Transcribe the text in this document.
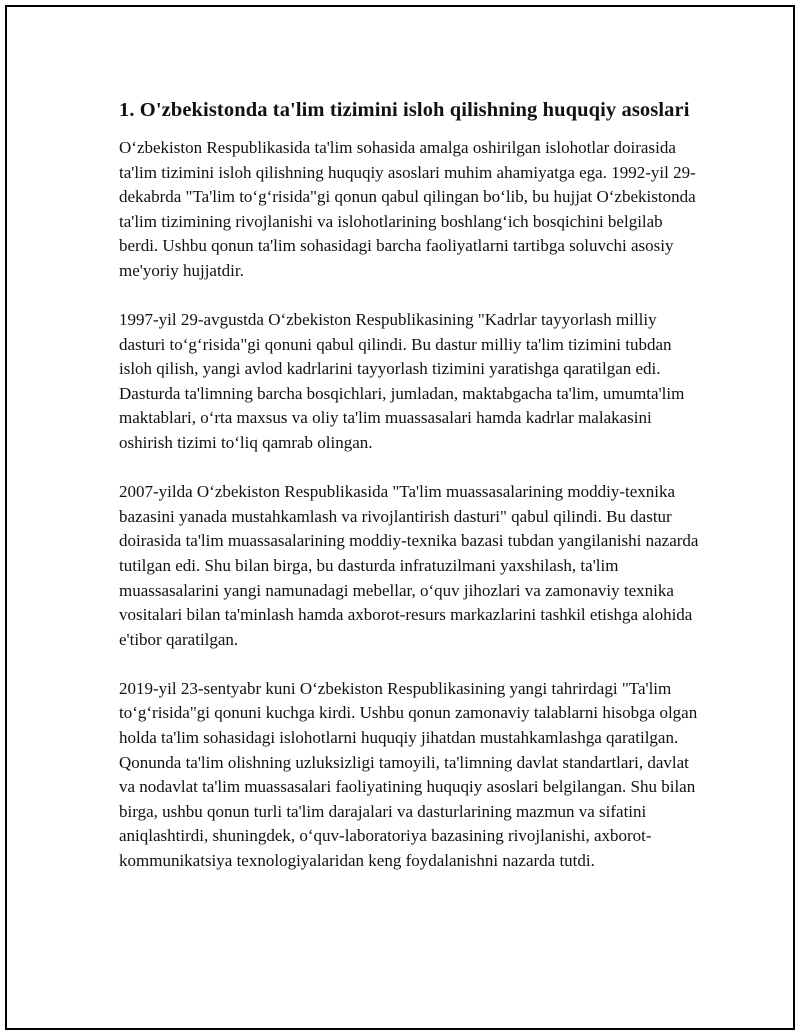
1. O'zbekistonda ta'lim tizimini isloh qilishning huquqiy asoslari

O‘zbekiston Respublikasida ta'lim sohasida amalga oshirilgan islohotlar doirasida ta'lim tizimini isloh qilishning huquqiy asoslari muhim ahamiyatga ega. 1992-yil 29-dekabrda "Ta'lim to‘g‘risida"gi qonun qabul qilingan bo‘lib, bu hujjat O‘zbekistonda ta'lim tizimining rivojlanishi va islohotlarining boshlang‘ich bosqichini belgilab berdi. Ushbu qonun ta'lim sohasidagi barcha faoliyatlarni tartibga soluvchi asosiy me'yoriy hujjatdir.

1997-yil 29-avgustda O‘zbekiston Respublikasining "Kadrlar tayyorlash milliy dasturi to‘g‘risida"gi qonuni qabul qilindi. Bu dastur milliy ta'lim tizimini tubdan isloh qilish, yangi avlod kadrlarini tayyorlash tizimini yaratishga qaratilgan edi. Dasturda ta'limning barcha bosqichlari, jumladan, maktabgacha ta'lim, umumta'lim maktablari, o‘rta maxsus va oliy ta'lim muassasalari hamda kadrlar malakasini oshirish tizimi to‘liq qamrab olingan.

2007-yilda O‘zbekiston Respublikasida "Ta'lim muassasalarining moddiy-texnika bazasini yanada mustahkamlash va rivojlantirish dasturi" qabul qilindi. Bu dastur doirasida ta'lim muassasalarining moddiy-texnika bazasi tubdan yangilanishi nazarda tutilgan edi. Shu bilan birga, bu dasturda infratuzilmani yaxshilash, ta'lim muassasalarini yangi namunadagi mebellar, o‘quv jihozlari va zamonaviy texnika vositalari bilan ta'minlash hamda axborot-resurs markazlarini tashkil etishga alohida e'tibor qaratilgan.

2019-yil 23-sentyabr kuni O‘zbekiston Respublikasining yangi tahrirdagi "Ta'lim to‘g‘risida"gi qonuni kuchga kirdi. Ushbu qonun zamonaviy talablarni hisobga olgan holda ta'lim sohasidagi islohotlarni huquqiy jihatdan mustahkamlashga qaratilgan. Qonunda ta'lim olishning uzluksizligi tamoyili, ta'limning davlat standartlari, davlat va nodavlat ta'lim muassasalari faoliyatining huquqiy asoslari belgilangan. Shu bilan birga, ushbu qonun turli ta'lim darajalari va dasturlarining mazmun va sifatini aniqlashtirdi, shuningdek, o‘quv-laboratoriya bazasining rivojlanishi, axborot-kommunikatsiya texnologiyalaridan keng foydalanishni nazarda tutdi.
